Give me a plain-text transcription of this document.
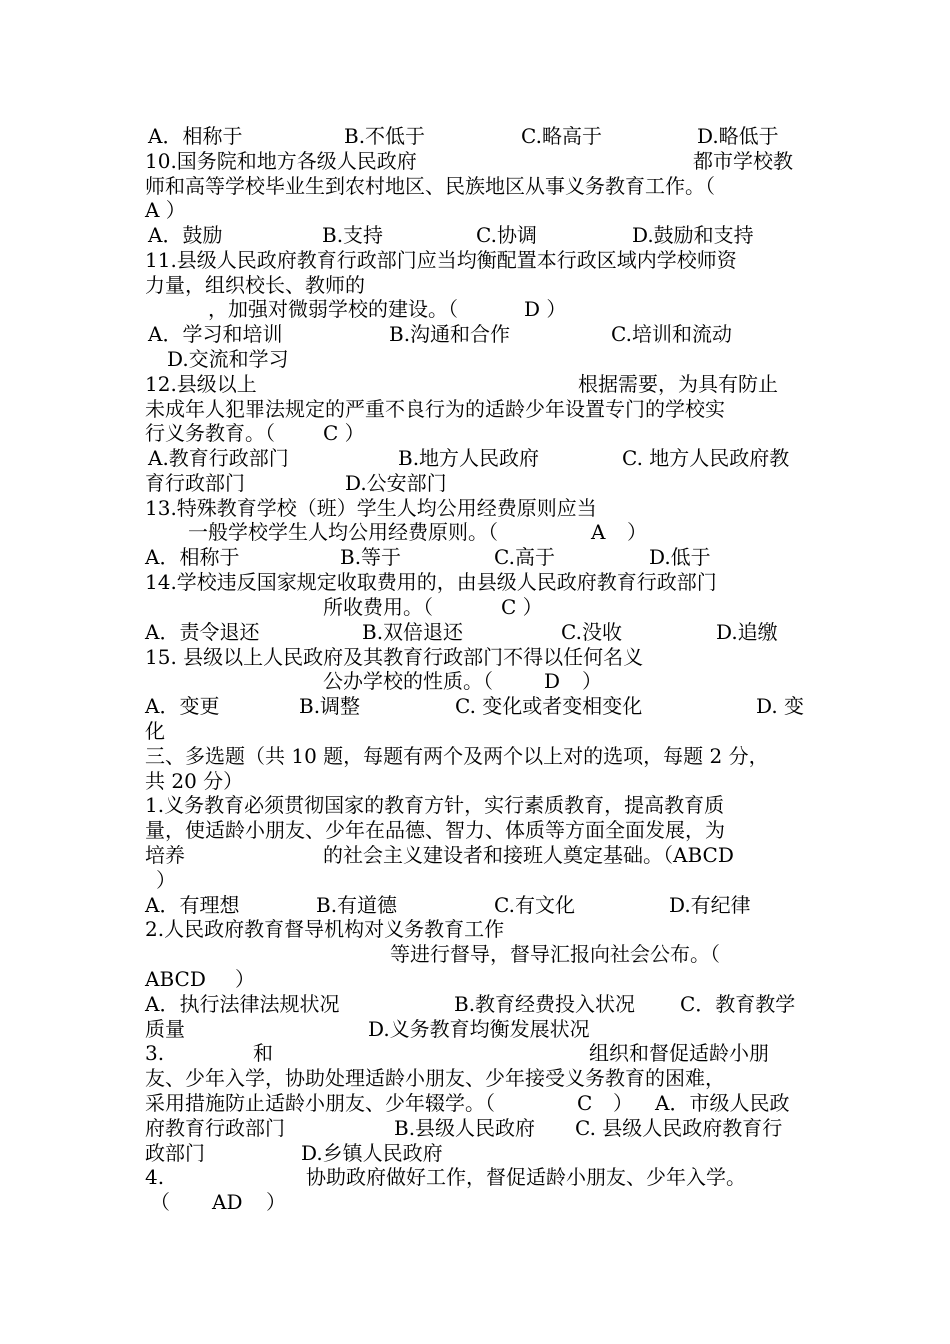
A．相称于	B.不低于	C.略高于	D.略低于
10.国务院和地方各级人民政府	都市学校教
师和高等学校毕业生到农村地区、民族地区从事义务教育工作。（
A ）
A．鼓励	B.支持	C.协调	D.鼓励和支持
11.县级人民政府教育行政部门应当均衡配置本行政区域内学校师资
力量，组织校长、教师的
，加强对微弱学校的建设。（	D ）
A．学习和培训	B.沟通和合作	C.培训和流动
D.交流和学习
12.县级以上	根据需要，为具有防止
未成年人犯罪法规定的严重不良行为的适龄少年设置专门的学校实
行义务教育。（ C ）
A.教育行政部门	B.地方人民政府	C. 地方人民政府教
育行政部门	D.公安部门
13.特殊教育学校（班）学生人均公用经费原则应当
一般学校学生人均公用经费原则。（	A ）
A．相称于	B.等于	C.高于	D.低于
14.学校违反国家规定收取费用的，由县级人民政府教育行政部门
所收费用。（	C ）
A．责令退还	B.双倍退还	C.没收	D.追缴
15. 县级以上人民政府及其教育行政部门不得以任何名义
公办学校的性质。（	D ）
A．变更	B.调整	C. 变化或者变相变化	D. 变
化
三、多选题（共 10 题，每题有两个及两个以上对的选项，每题 2 分，
共 20 分）
1.义务教育必须贯彻国家的教育方针，实行素质教育，提高教育质
量，使适龄小朋友、少年在品德、智力、体质等方面全面发展，为
培养	的社会主义建设者和接班人奠定基础。（ABCD
）
A．有理想	B.有道德	C.有文化	D.有纪律
2.人民政府教育督导机构对义务教育工作
等进行督导，督导汇报向社会公布。（
ABCD ）
A．执行法律法规状况	B.教育经费投入状况 C．教育教学
质量	D.义务教育均衡发展状况
3.	和	组织和督促适龄小朋
友、少年入学，协助处理适龄小朋友、少年接受义务教育的困难，
采用措施防止适龄小朋友、少年辍学。（	C ） A．市级人民政
府教育行政部门	B.县级人民政府 C. 县级人民政府教育行
政部门	D.乡镇人民政府
4.	协助政府做好工作，督促适龄小朋友、少年入学。
（ AD ）
